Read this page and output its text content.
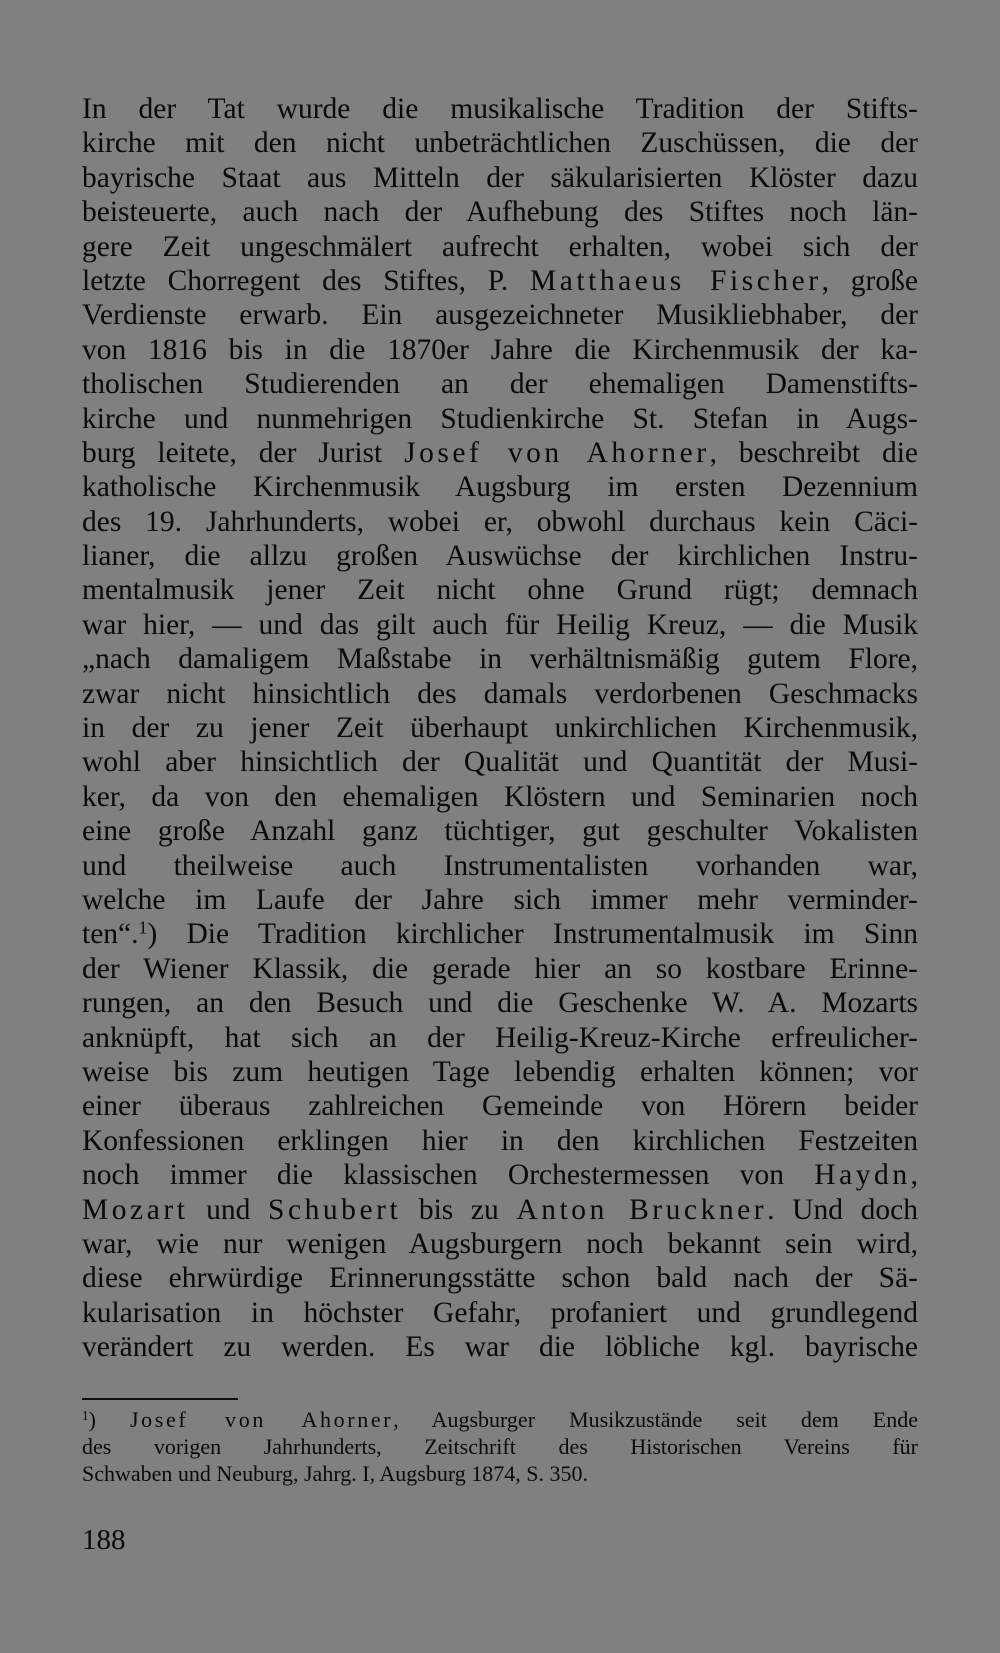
In der Tat wurde die musikalische Tradition der Stifts-
kirche mit den nicht unbeträchtlichen Zuschüssen, die der
bayrische Staat aus Mitteln der säkularisierten Klöster dazu
beisteuerte, auch nach der Aufhebung des Stiftes noch län-
gere Zeit ungeschmälert aufrecht erhalten, wobei sich der
letzte Chorregent des Stiftes, P. Matthaeus Fischer, große
Verdienste erwarb. Ein ausgezeichneter Musikliebhaber, der
von 1816 bis in die 1870er Jahre die Kirchenmusik der ka-
tholischen Studierenden an der ehemaligen Damenstifts-
kirche und nunmehrigen Studienkirche St. Stefan in Augs-
burg leitete, der Jurist Josef von Ahorner, beschreibt die
katholische Kirchenmusik Augsburg im ersten Dezennium
des 19. Jahrhunderts, wobei er, obwohl durchaus kein Cäci-
lianer, die allzu großen Auswüchse der kirchlichen Instru-
mentalmusik jener Zeit nicht ohne Grund rügt; demnach
war hier, — und das gilt auch für Heilig Kreuz, — die Musik
„nach damaligem Maßstabe in verhältnismäßig gutem Flore,
zwar nicht hinsichtlich des damals verdorbenen Geschmacks
in der zu jener Zeit überhaupt unkirchlichen Kirchenmusik,
wohl aber hinsichtlich der Qualität und Quantität der Musi-
ker, da von den ehemaligen Klöstern und Seminarien noch
eine große Anzahl ganz tüchtiger, gut geschulter Vokalisten
und theilweise auch Instrumentalisten vorhanden war,
welche im Laufe der Jahre sich immer mehr verminder-
ten“.$^1$) Die Tradition kirchlicher Instrumentalmusik im Sinn
der Wiener Klassik, die gerade hier an so kostbare Erinne-
rungen, an den Besuch und die Geschenke W. A. Mozarts
anknüpft, hat sich an der Heilig-Kreuz-Kirche erfreulicher-
weise bis zum heutigen Tage lebendig erhalten können; vor
einer überaus zahlreichen Gemeinde von Hörern beider
Konfessionen erklingen hier in den kirchlichen Festzeiten
noch immer die klassischen Orchestermessen von Haydn,
Mozart und Schubert bis zu Anton Bruckner. Und doch
war, wie nur wenigen Augsburgern noch bekannt sein wird,
diese ehrwürdige Erinnerungsstätte schon bald nach der Sä-
kularisation in höchster Gefahr, profaniert und grundlegend
verändert zu werden. Es war die löbliche kgl. bayrische
$^1$) Josef von Ahorner, Augsburger Musikzustände seit dem Ende
des vorigen Jahrhunderts, Zeitschrift des Historischen Vereins für
Schwaben und Neuburg, Jahrg. I, Augsburg 1874, S. 350.
188
